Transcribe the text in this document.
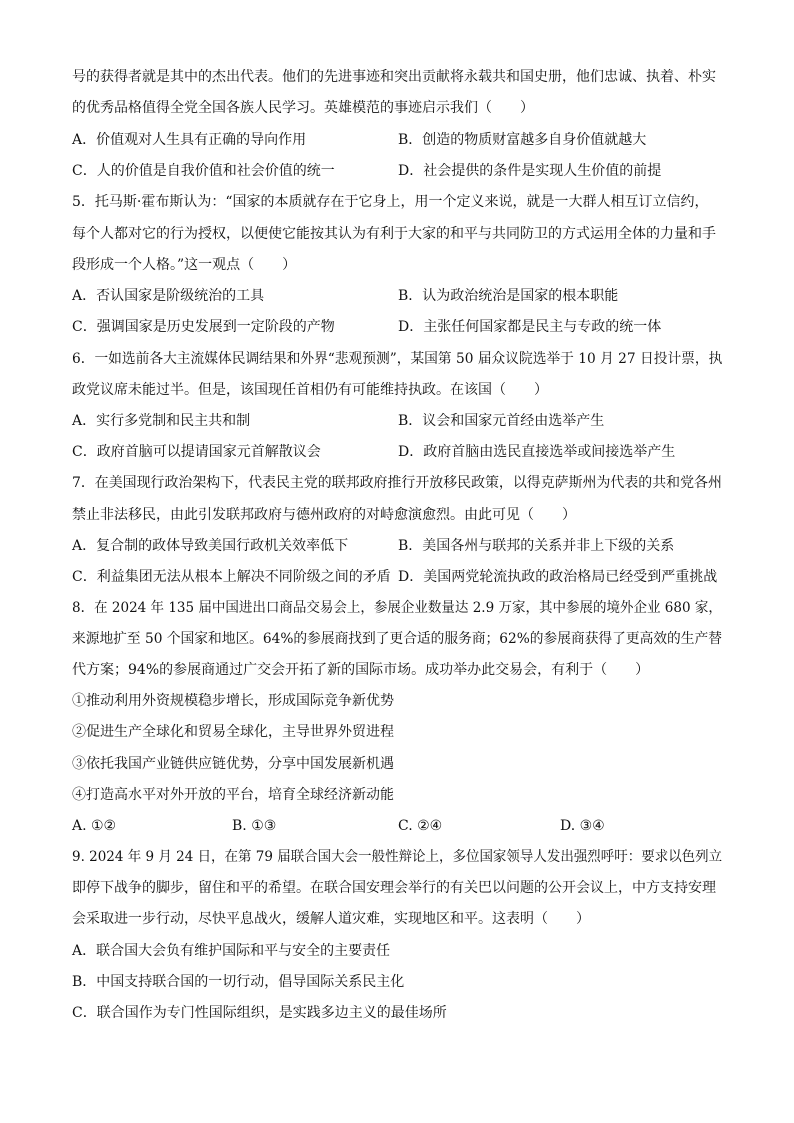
号的获得者就是其中的杰出代表。他们的先进事迹和突出贡献将永载共和国史册，他们忠诚、执着、朴实
的优秀品格值得全党全国各族人民学习。英雄模范的事迹启示我们（　　）
A．价值观对人生具有正确的导向作用	B．创造的物质财富越多自身价值就越大
C．人的价值是自我价值和社会价值的统一	D．社会提供的条件是实现人生价值的前提
5．托马斯·霍布斯认为：“国家的本质就存在于它身上，用一个定义来说，就是一大群人相互订立信约，
每个人都对它的行为授权，以便使它能按其认为有利于大家的和平与共同防卫的方式运用全体的力量和手
段形成一个人格。”这一观点（　　）
A．否认国家是阶级统治的工具	B．认为政治统治是国家的根本职能
C．强调国家是历史发展到一定阶段的产物	D．主张任何国家都是民主与专政的统一体
6．一如选前各大主流媒体民调结果和外界“悲观预测”，某国第 50 届众议院选举于 10 月 27 日投计票，执
政党议席未能过半。但是，该国现任首相仍有可能维持执政。在该国（　　）
A．实行多党制和民主共和制	B．议会和国家元首经由选举产生
C．政府首脑可以提请国家元首解散议会	D．政府首脑由选民直接选举或间接选举产生
7．在美国现行政治架构下，代表民主党的联邦政府推行开放移民政策，以得克萨斯州为代表的共和党各州
禁止非法移民，由此引发联邦政府与德州政府的对峙愈演愈烈。由此可见（　　）
A．复合制的政体导致美国行政机关效率低下	B．美国各州与联邦的关系并非上下级的关系
C．利益集团无法从根本上解决不同阶级之间的矛盾 D．美国两党轮流执政的政治格局已经受到严重挑战
8．在 2024 年 135 届中国进出口商品交易会上，参展企业数量达 2.9 万家，其中参展的境外企业 680 家，
来源地扩至 50 个国家和地区。64%的参展商找到了更合适的服务商；62%的参展商获得了更高效的生产替
代方案；94%的参展商通过广交会开拓了新的国际市场。成功举办此交易会，有利于（　　）
①推动利用外资规模稳步增长，形成国际竞争新优势
②促进生产全球化和贸易全球化，主导世界外贸进程
③依托我国产业链供应链优势，分享中国发展新机遇
④打造高水平对外开放的平台，培育全球经济新动能
A. ①②	B. ①③	C. ②④	D. ③④
9. 2024 年 9 月 24 日，在第 79 届联合国大会一般性辩论上，多位国家领导人发出强烈呼吁：要求以色列立
即停下战争的脚步，留住和平的希望。在联合国安理会举行的有关巴以问题的公开会议上，中方支持安理
会采取进一步行动，尽快平息战火，缓解人道灾难，实现地区和平。这表明（　　）
A．联合国大会负有维护国际和平与安全的主要责任
B．中国支持联合国的一切行动，倡导国际关系民主化
C．联合国作为专门性国际组织，是实践多边主义的最佳场所
